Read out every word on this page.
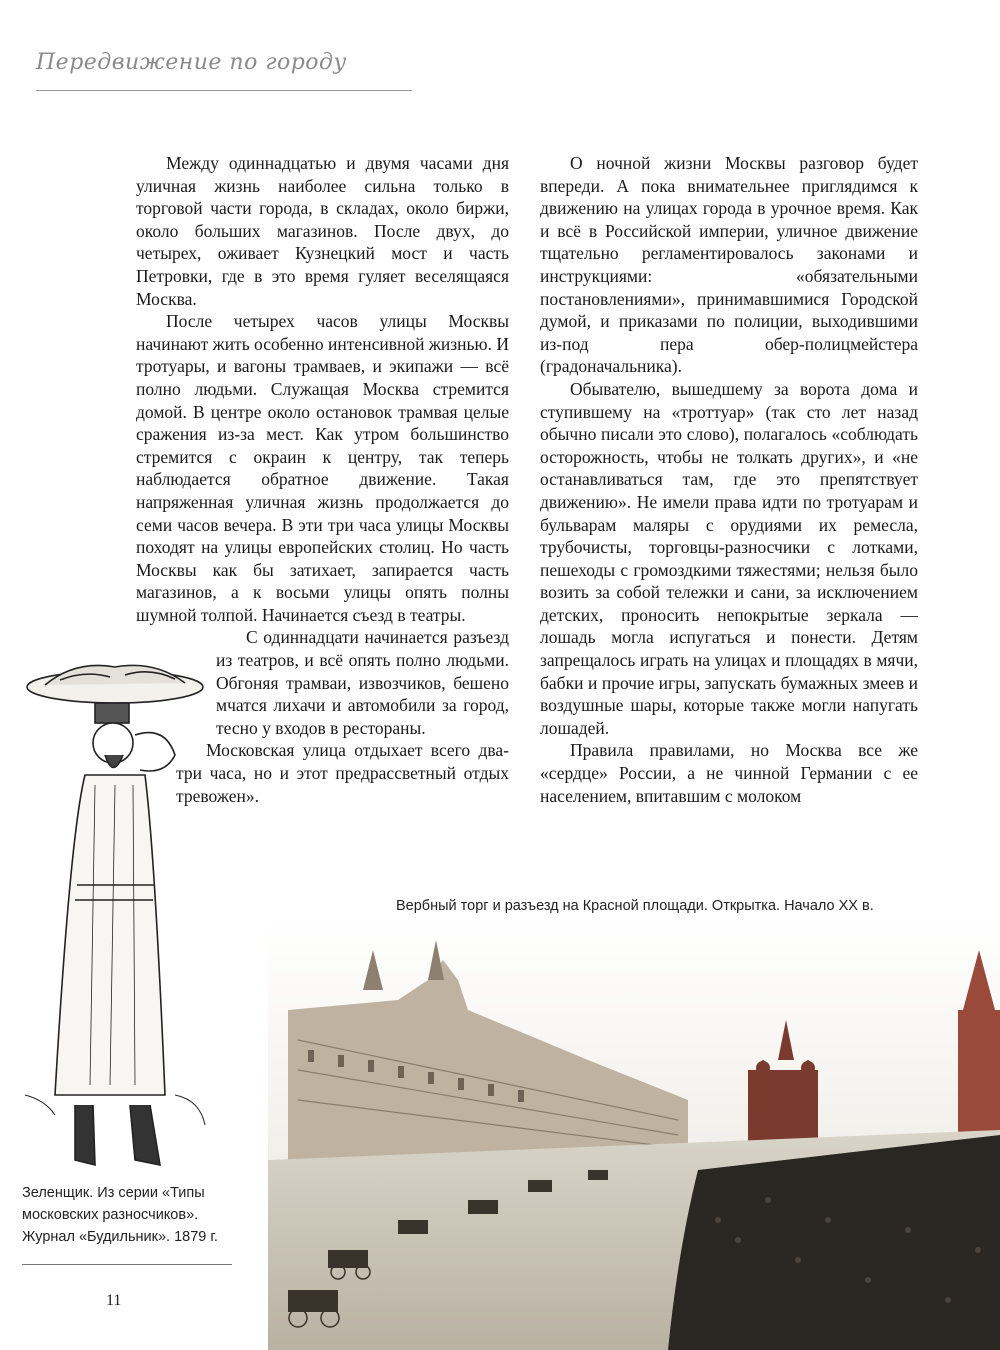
Передвижение по городу

Между одиннадцатью и двумя часами дня уличная жизнь наиболее сильна только в торговой части города, в складах, около биржи, около больших магазинов. После двух, до четырех, оживает Кузнецкий мост и часть Петровки, где в это время гуляет веселящаяся Москва.

После четырех часов улицы Москвы начинают жить особенно интенсивной жизнью. И тротуары, и вагоны трамваев, и экипажи — всё полно людьми. Служащая Москва стремится домой. В центре около остановок трамвая целые сражения из-за мест. Как утром большинство стремится с окраин к центру, так теперь наблюдается обратное движение. Такая напряженная уличная жизнь продолжается до семи часов вечера. В эти три часа улицы Москвы походят на улицы европейских столиц. Но часть Москвы как бы затихает, запирается часть магазинов, а к восьми улицы опять полны шумной толпой. Начинается съезд в театры.

С одиннадцати начинается разъезд из театров, и всё опять полно людьми. Обгоняя трамваи, извозчиков, бешено мчатся лихачи и автомобили за город, тесно у входов в рестораны.

Московская улица отдыхает всего два-три часа, но и этот предрассветный отдых тревожен».

О ночной жизни Москвы разговор будет впереди. А пока внимательнее приглядимся к движению на улицах города в урочное время. Как и всё в Российской империи, уличное движение тщательно регламентировалось законами и инструкциями: «обязательными постановлениями», принимавшимися Городской думой, и приказами по полиции, выходившими из-под пера обер-полицмейстера (градоначальника).

Обывателю, вышедшему за ворота дома и ступившему на «троттуар» (так сто лет назад обычно писали это слово), полагалось «соблюдать осторожность, чтобы не толкать других», и «не останавливаться там, где это препятствует движению». Не имели права идти по тротуарам и бульварам маляры с орудиями их ремесла, трубочисты, торговцы-разносчики с лотками, пешеходы с громоздкими тяжестями; нельзя было возить за собой тележки и сани, за исключением детских, проносить непокрытые зеркала — лошадь могла испугаться и понести. Детям запрещалось играть на улицах и площадях в мячи, бабки и прочие игры, запускать бумажных змеев и воздушные шары, которые также могли напугать лошадей.

Правила правилами, но Москва все же «сердце» России, а не чинной Германии с ее населением, впитавшим с молоком

Вербный торг и разъезд на Красной площади. Открытка. Начало XX в.
Зеленщик. Из серии «Типы
московских разносчиков».
Журнал «Будильник». 1879 г.
11
